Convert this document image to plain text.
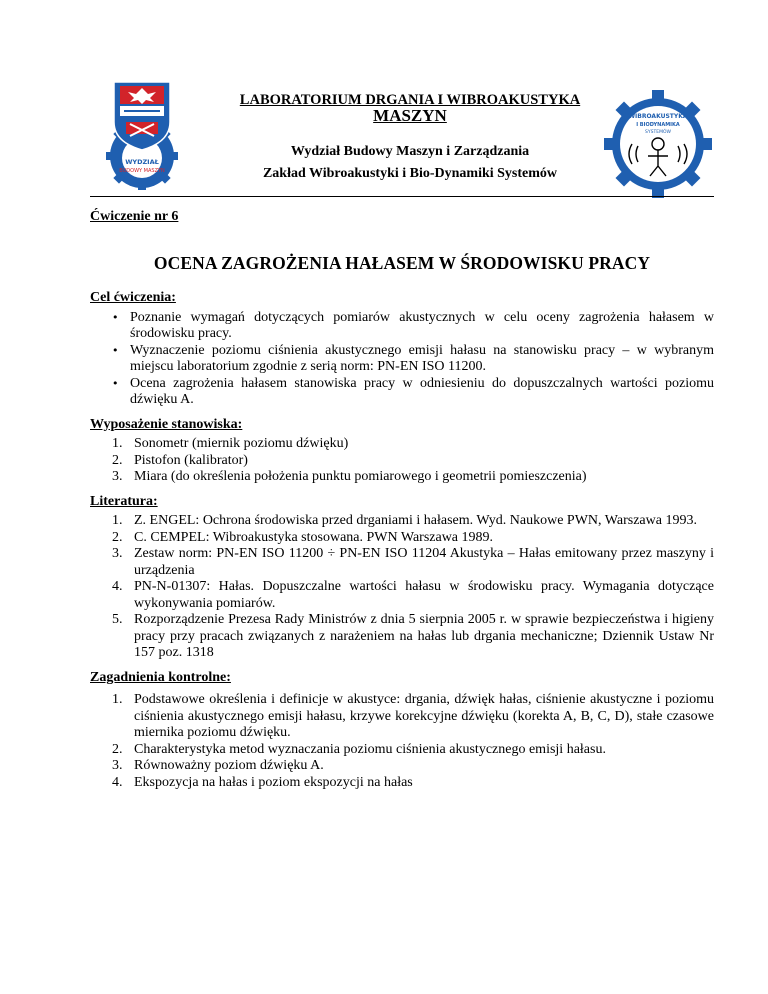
WYDZIAŁ
BUDOWY MASZYN
LABORATORIUM DRGANIA I WIBROAKUSTYKA
MASZYN
Wydział Budowy Maszyn i Zarządzania
Zakład Wibroakustyki i Bio-Dynamiki Systemów
WIBROAKUSTYKA
I BIODYNAMIKA
SYSTEMÓW

Ćwiczenie nr 6

OCENA ZAGROŻENIA HAŁASEM W ŚRODOWISKU PRACY

Cel ćwiczenia:

• Poznanie wymagań dotyczących pomiarów akustycznych w celu oceny zagrożenia hałasem w środowisku pracy.
• Wyznaczenie poziomu ciśnienia akustycznego emisji hałasu na stanowisku pracy – w wybranym miejscu laboratorium zgodnie z serią norm: PN-EN ISO 11200.
• Ocena zagrożenia hałasem stanowiska pracy w odniesieniu do dopuszczalnych wartości poziomu dźwięku A.

Wyposażenie stanowiska:

1. Sonometr (miernik poziomu dźwięku)
2. Pistofon (kalibrator)
3. Miara (do określenia położenia punktu pomiarowego i geometrii pomieszczenia)

Literatura:

1. Z. ENGEL: Ochrona środowiska przed drganiami i hałasem. Wyd. Naukowe PWN, Warszawa 1993.
2. C. CEMPEL: Wibroakustyka stosowana. PWN Warszawa 1989.
3. Zestaw norm: PN-EN ISO 11200 ÷ PN-EN ISO 11204 Akustyka – Hałas emitowany przez maszyny i urządzenia
4. PN-N-01307: Hałas. Dopuszczalne wartości hałasu w środowisku pracy. Wymagania dotyczące wykonywania pomiarów.
5. Rozporządzenie Prezesa Rady Ministrów z dnia 5 sierpnia 2005 r. w sprawie bezpieczeństwa i higieny pracy przy pracach związanych z narażeniem na hałas lub drgania mechaniczne; Dziennik Ustaw Nr 157 poz. 1318

Zagadnienia kontrolne:

1. Podstawowe określenia i definicje w akustyce: drgania, dźwięk hałas, ciśnienie akustyczne i poziomu ciśnienia akustycznego emisji hałasu, krzywe korekcyjne dźwięku (korekta A, B, C, D), stałe czasowe miernika poziomu dźwięku.
2. Charakterystyka metod wyznaczania poziomu ciśnienia akustycznego emisji hałasu.
3. Równoważny poziom dźwięku A.
4. Ekspozycja na hałas i poziom ekspozycji na hałas
